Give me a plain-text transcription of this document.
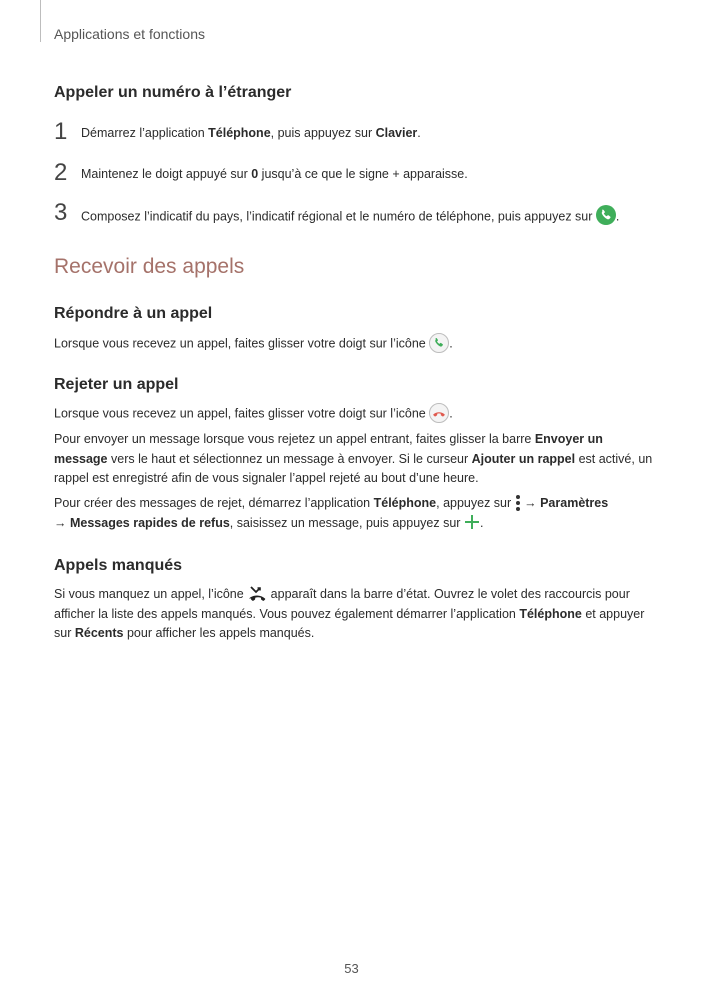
Applications et fonctions
Appeler un numéro à l’étranger
1 Démarrez l’application Téléphone, puis appuyez sur Clavier.
2 Maintenez le doigt appuyé sur 0 jusqu’à ce que le signe + apparaisse.
3 Composez l’indicatif du pays, l’indicatif régional et le numéro de téléphone, puis appuyez sur .
Recevoir des appels
Répondre à un appel
Lorsque vous recevez un appel, faites glisser votre doigt sur l’icône .
Rejeter un appel
Lorsque vous recevez un appel, faites glisser votre doigt sur l’icône .
Pour envoyer un message lorsque vous rejetez un appel entrant, faites glisser la barre Envoyer un message vers le haut et sélectionnez un message à envoyer. Si le curseur Ajouter un rappel est activé, un rappel est enregistré afin de vous signaler l’appel rejeté au bout d’une heure.
Pour créer des messages de rejet, démarrez l’application Téléphone, appuyez sur  → Paramètres
→ Messages rapides de refus, saisissez un message, puis appuyez sur .
Appels manqués
Si vous manquez un appel, l’icône  apparaît dans la barre d’état. Ouvrez le volet des raccourcis pour afficher la liste des appels manqués. Vous pouvez également démarrer l’application Téléphone et appuyer sur Récents pour afficher les appels manqués.
53
